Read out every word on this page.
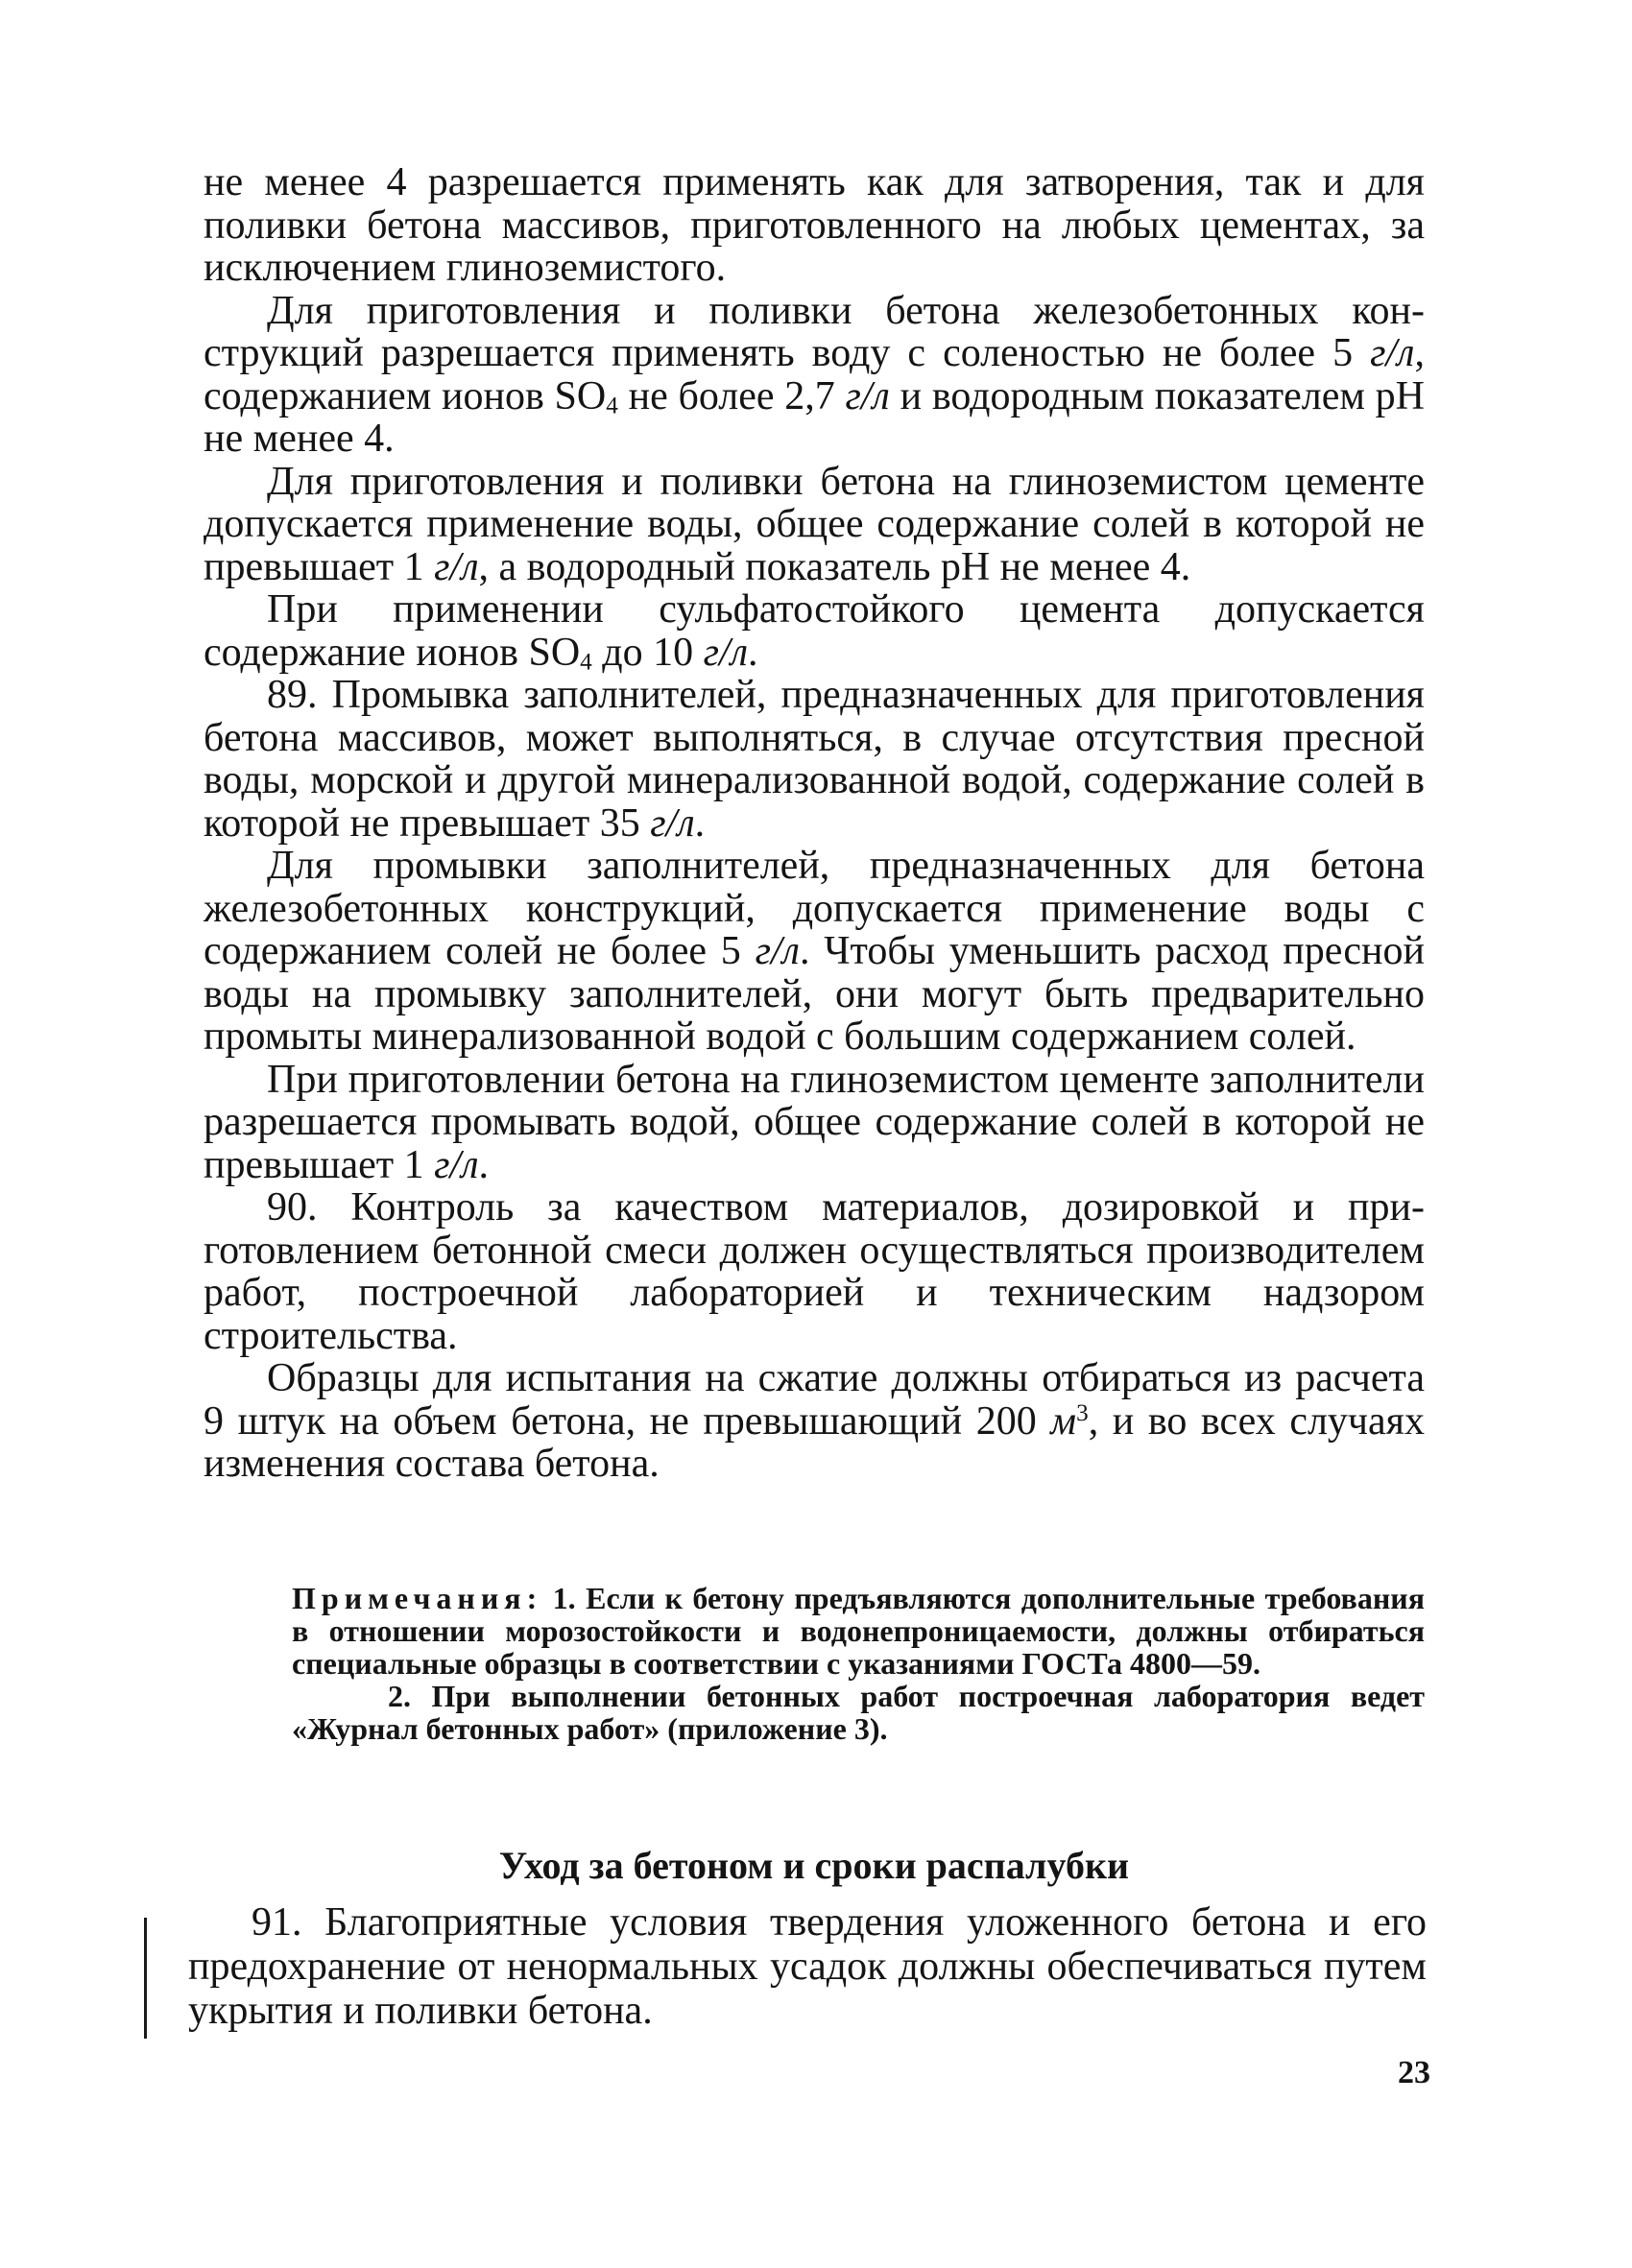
не менее 4 разрешается применять как для затворения, так и для поливки бетона массивов, приготовленного на любых цементах, за исключением глиноземистого.

Для приготовления и поливки бетона железобетонных конструкций разрешается применять воду с соленостью не более 5 г/л, содержанием ионов $SO_4$ не более 2,7 г/л и водородным показателем pH не менее 4.

Для приготовления и поливки бетона на глиноземистом цементе допускается применение воды, общее содержание солей в которой не превышает 1 г/л, а водородный показатель pH не менее 4.

При применении сульфатостойкого цемента допускается содержание ионов $SO_4$ до 10 г/л.

89. Промывка заполнителей, предназначенных для приготовления бетона массивов, может выполняться, в случае отсутствия пресной воды, морской и другой минерализованной водой, содержание солей в которой не превышает 35 г/л.

Для промывки заполнителей, предназначенных для бетона железобетонных конструкций, допускается применение воды с содержанием солей не более 5 г/л. Чтобы уменьшить расход пресной воды на промывку заполнителей, они могут быть предварительно промыты минерализованной водой с большим содержанием солей.

При приготовлении бетона на глиноземистом цементе заполнители разрешается промывать водой, общее содержание солей в которой не превышает 1 г/л.

90. Контроль за качеством материалов, дозировкой и приготовлением бетонной смеси должен осуществляться производителем работ, построечной лабораторией и техническим надзором строительства.

Образцы для испытания на сжатие должны отбираться из расчета 9 штук на объем бетона, не превышающий 200 $м^3$, и во всех случаях изменения состава бетона.

Примечания: 1. Если к бетону предъявляются дополнительные требования в отношении морозостойкости и водонепроницаемости, должны отбираться специальные образцы в соответствии с указаниями ГОСТа 4800—59.

2. При выполнении бетонных работ построечная лаборатория ведет «Журнал бетонных работ» (приложение 3).

Уход за бетоном и сроки распалубки

91. Благоприятные условия твердения уложенного бетона и его предохранение от ненормальных усадок должны обеспечиваться путем укрытия и поливки бетона.

23
